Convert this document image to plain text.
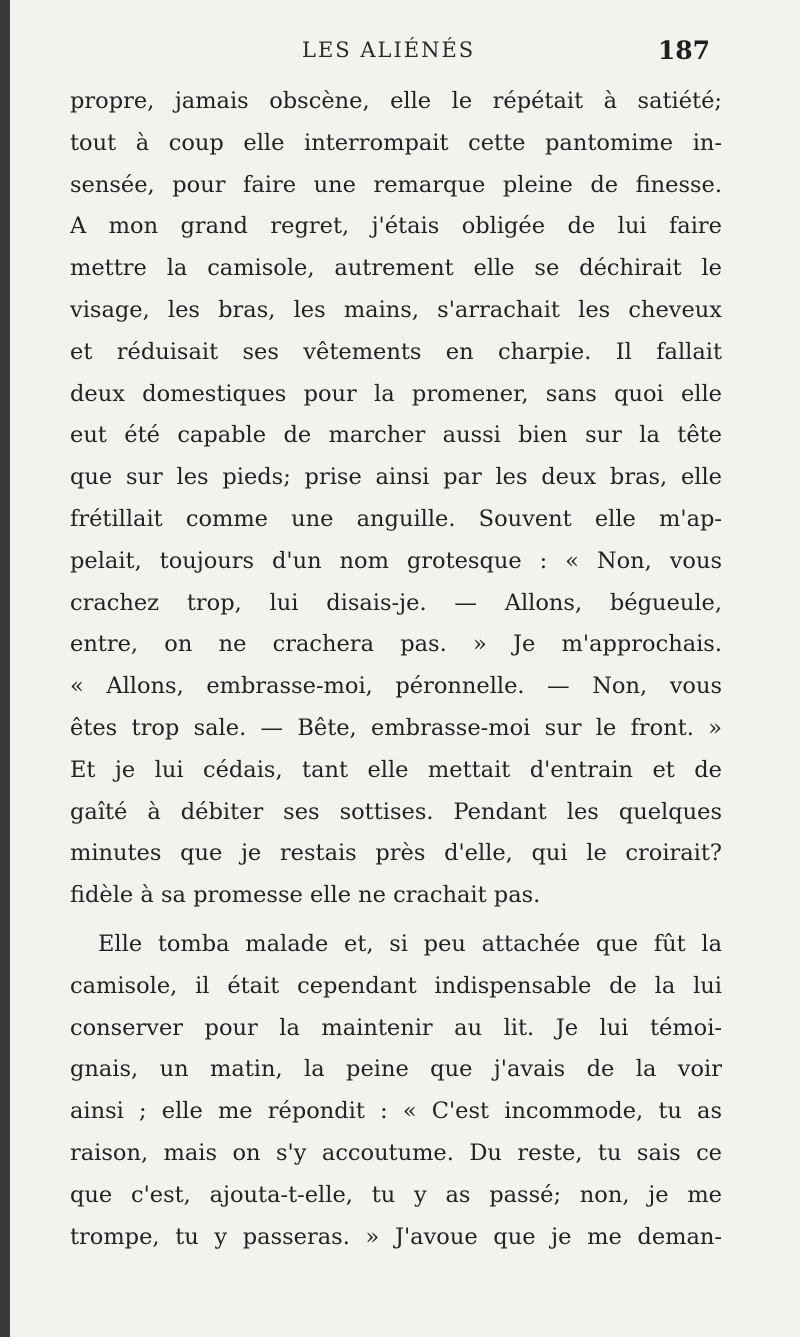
LES ALIÉNÉS	187
propre, jamais obscène, elle le répétait à satiété;
tout à coup elle interrompait cette pantomime in-
sensée, pour faire une remarque pleine de finesse.
A mon grand regret, j'étais obligée de lui faire
mettre la camisole, autrement elle se déchirait le
visage, les bras, les mains, s'arrachait les cheveux
et réduisait ses vêtements en charpie. Il fallait
deux domestiques pour la promener, sans quoi elle
eut été capable de marcher aussi bien sur la tête
que sur les pieds; prise ainsi par les deux bras, elle
frétillait comme une anguille. Souvent elle m'ap-
pelait, toujours d'un nom grotesque : « Non, vous
crachez trop, lui disais-je. — Allons, bégueule,
entre, on ne crachera pas. » Je m'approchais.
« Allons, embrasse-moi, péronnelle. — Non, vous
êtes trop sale. — Bête, embrasse-moi sur le front. »
Et je lui cédais, tant elle mettait d'entrain et de
gaîté à débiter ses sottises. Pendant les quelques
minutes que je restais près d'elle, qui le croirait?
fidèle à sa promesse elle ne crachait pas.
Elle tomba malade et, si peu attachée que fût la
camisole, il était cependant indispensable de la lui
conserver pour la maintenir au lit. Je lui témoi-
gnais, un matin, la peine que j'avais de la voir
ainsi ; elle me répondit : « C'est incommode, tu as
raison, mais on s'y accoutume. Du reste, tu sais ce
que c'est, ajouta-t-elle, tu y as passé; non, je me
trompe, tu y passeras. » J'avoue que je me deman-
